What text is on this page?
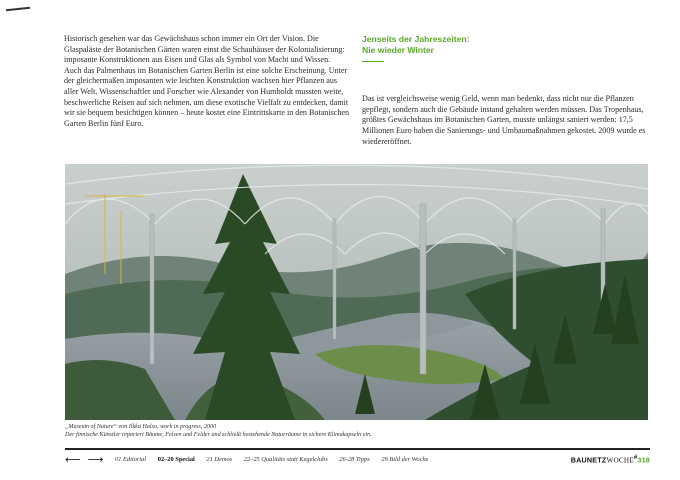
Historisch gesehen war das Gewächshaus schon immer ein Ort der Vision. Die Glaspaläste der Botanischen Gärten waren einst die Schauhäuser der Kolonialisierung: imposante Konstruktionen aus Eisen und Glas als Symbol von Macht und Wissen. Auch das Palmenhaus im Botanischen Garten Berlin ist eine solche Erscheinung. Unter der gleichermaßen imposanten wie leichten Konstruktion wachsen hier Pflanzen aus aller Welt. Wissenschaftler und Forscher wie Alexander von Humboldt mussten weite, beschwerliche Reisen auf sich nehmen, um diese exotische Vielfalt zu entdecken, damit wir sie bequem besichtigen können – heute kostet eine Eintrittskarte in den Botanischen Garten Berlin fünf Euro.
Jenseits der Jahreszeiten:
Nie wieder Winter
Das ist vergleichsweise wenig Geld, wenn man bedenkt, dass nicht nur die Pflanzen gepflegt, sondern auch die Gebäude instand gehalten werden müssen. Das Tropenhaus, größtes Gewächshaus im Botanischen Garten, musste unlängst saniert werden: 17,5 Millionen Euro haben die Sanierungs- und Umbaumaßnahmen gekostet. 2009 wurde es wiedereröffnet.
„Museum of Nature“ von Ilkka Halso, work in progress, 2000
Der finnische Künstler repariert Bäume, Felsen und Felder und schließt bestehende Naturräume in sichere Klimakapseln ein.
⟵ ⟶	01 Editorial 02–20 Special 21 Demos 22–25 Qualitäts statt Kegelclubs 26-28 Tipps 29 Bild der Woche	BAUNETZWOCHE#318
